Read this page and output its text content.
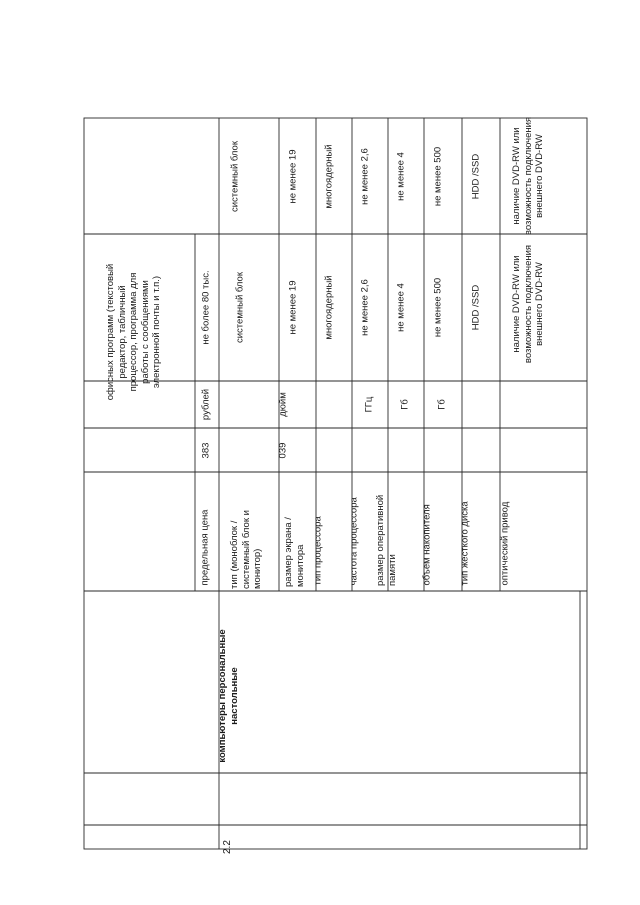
2.2
компьютеры персональные настольные
офисных программ (текстовый редактор, табличный процессор, программа для работы с сообщениями электронной почты и т.п.)
предельная цена
383
рублей
не более 80 тыс.
тип (моноблок / системный блок и монитор)
системный блок
системный блок
размер экрана / монитора
039
дюйм
не менее 19
не менее 19
тип процессора
многоядерный
многоядерный
частота процессора
ГГц
не менее 2,6
не менее 2,6
размер оперативной памяти
Гб
не менее 4
не менее 4
объем накопителя
Гб
не менее 500
не менее 500
тип жесткого диска
HDD /SSD
HDD /SSD
оптический привод
наличие DVD-RW или возможность подключения внешнего DVD-RW
наличие DVD-RW или возможность подключения внешнего DVD-RW
